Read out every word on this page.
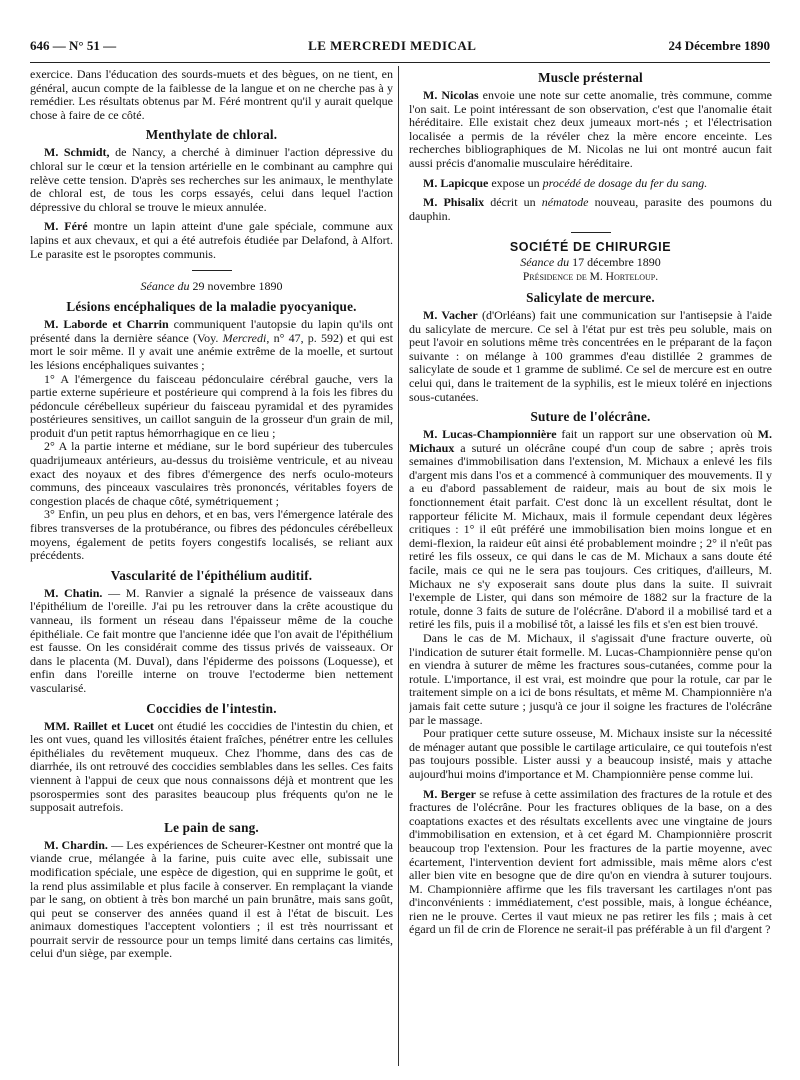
646 — N° 51 —	LE MERCREDI MEDICAL	24 Décembre 1890

exercice. Dans l'éducation des sourds-muets et des bègues, on ne tient, en général, aucun compte de la faiblesse de la langue et on ne cherche pas à y remédier. Les résultats obtenus par M. Féré montrent qu'il y aurait quelque chose à faire de ce côté.

Menthylate de chloral.

M. Schmidt, de Nancy, a cherché à diminuer l'action dépressive du chloral sur le cœur et la tension artérielle en le combinant au camphre qui relève cette tension. D'après ses recherches sur les animaux, le menthylate de chloral est, de tous les corps essayés, celui dans lequel l'action dépressive du chloral se trouve le mieux annulée.

M. Féré montre un lapin atteint d'une gale spéciale, commune aux lapins et aux chevaux, et qui a été autrefois étudiée par Delafond, à Alfort. Le parasite est le psoroptes communis.

Séance du 29 novembre 1890

Lésions encéphaliques de la maladie pyocyanique.

M. Laborde et Charrin communiquent l'autopsie du lapin qu'ils ont présenté dans la dernière séance (Voy. Mercredi, n° 47, p. 592) et qui est mort le soir même. Il y avait une anémie extrême de la moelle, et surtout les lésions encéphaliques suivantes ;

1° A l'émergence du faisceau pédonculaire cérébral gauche, vers la partie externe supérieure et postérieure qui comprend à la fois les fibres du pédoncule cérébelleux supérieur du faisceau pyramidal et des pyramides postérieures sensitives, un caillot sanguin de la grosseur d'un grain de mil, produit d'un petit raptus hémorrhagique en ce lieu ;

2° A la partie interne et médiane, sur le bord supérieur des tubercules quadrijumeaux antérieurs, au-dessus du troisième ventricule, et au niveau exact des noyaux et des fibres d'émergence des nerfs oculo-moteurs communs, des pinceaux vasculaires très prononcés, véritables foyers de congestion placés de chaque côté, symétriquement ;

3° Enfin, un peu plus en dehors, et en bas, vers l'émergence latérale des fibres transverses de la protubérance, ou fibres des pédoncules cérébelleux moyens, également de petits foyers congestifs localisés, se reliant aux précédents.

Vascularité de l'épithélium auditif.

M. Chatin. — M. Ranvier a signalé la présence de vaisseaux dans l'épithélium de l'oreille. J'ai pu les retrouver dans la crête acoustique du vanneau, ils forment un réseau dans l'épaisseur même de la couche épithéliale. Ce fait montre que l'ancienne idée que l'on avait de l'épithélium est fausse. On les considérait comme des tissus privés de vaisseaux. Or dans le placenta (M. Duval), dans l'épiderme des poissons (Loquesse), et enfin dans l'oreille interne on trouve l'ectoderme bien nettement vascularisé.

Coccidies de l'intestin.

MM. Raillet et Lucet ont étudié les coccidies de l'intestin du chien, et les ont vues, quand les villosités étaient fraîches, pénétrer entre les cellules épithéliales du revêtement muqueux. Chez l'homme, dans des cas de diarrhée, ils ont retrouvé des coccidies semblables dans les selles. Ces faits viennent à l'appui de ceux que nous connaissons déjà et montrent que les psorospermies sont des parasites beaucoup plus fréquents qu'on ne le supposait autrefois.

Le pain de sang.

M. Chardin. — Les expériences de Scheurer-Kestner ont montré que la viande crue, mélangée à la farine, puis cuite avec elle, subissait une modification spéciale, une espèce de digestion, qui en supprime le goût, et la rend plus assimilable et plus facile à conserver. En remplaçant la viande par le sang, on obtient à très bon marché un pain brunâtre, mais sans goût, qui peut se conserver des années quand il est à l'état de biscuit. Les animaux domestiques l'acceptent volontiers ; il est très nourrissant et pourrait servir de ressource pour un temps limité dans certains cas limités, celui d'un siège, par exemple.

Muscle présternal

M. Nicolas envoie une note sur cette anomalie, très commune, comme l'on sait. Le point intéressant de son observation, c'est que l'anomalie était héréditaire. Elle existait chez deux jumeaux mort-nés ; et l'électrisation localisée a permis de la révéler chez la mère encore enceinte. Les recherches bibliographiques de M. Nicolas ne lui ont montré aucun fait aussi précis d'anomalie musculaire héréditaire.

M. Lapicque expose un procédé de dosage du fer du sang.

M. Phisalix décrit un nématode nouveau, parasite des poumons du dauphin.

SOCIÉTÉ DE CHIRURGIE

Séance du 17 décembre 1890

Présidence de M. Horteloup.

Salicylate de mercure.

M. Vacher (d'Orléans) fait une communication sur l'antisepsie à l'aide du salicylate de mercure. Ce sel à l'état pur est très peu soluble, mais on peut l'avoir en solutions même très concentrées en le préparant de la façon suivante : on mélange à 100 grammes d'eau distillée 2 grammes de salicylate de soude et 1 gramme de sublimé. Ce sel de mercure est en outre celui qui, dans le traitement de la syphilis, est le mieux toléré en injections sous-cutanées.

Suture de l'olécrâne.

M. Lucas-Championnière fait un rapport sur une observation où M. Michaux a suturé un olécrâne coupé d'un coup de sabre ; après trois semaines d'immobilisation dans l'extension, M. Michaux a enlevé les fils d'argent mis dans l'os et a commencé à communiquer des mouvements. Il y a eu d'abord passablement de raideur, mais au bout de six mois le fonctionnement était parfait. C'est donc là un excellent résultat, dont le rapporteur félicite M. Michaux, mais il formule cependant deux légères critiques : 1° il eût préféré une immobilisation bien moins longue et en demi-flexion, la raideur eût ainsi été probablement moindre ; 2° il n'eût pas retiré les fils osseux, ce qui dans le cas de M. Michaux a sans doute été facile, mais ce qui ne le sera pas toujours. Ces critiques, d'ailleurs, M. Michaux ne s'y exposerait sans doute plus dans la suite. Il suivrait l'exemple de Lister, qui dans son mémoire de 1882 sur la fracture de la rotule, donne 3 faits de suture de l'olécrâne. D'abord il a mobilisé tard et a retiré les fils, puis il a mobilisé tôt, a laissé les fils et s'en est bien trouvé.

Dans le cas de M. Michaux, il s'agissait d'une fracture ouverte, où l'indication de suturer était formelle. M. Lucas-Championnière pense qu'on en viendra à suturer de même les fractures sous-cutanées, comme pour la rotule. L'importance, il est vrai, est moindre que pour la rotule, car par le traitement simple on a ici de bons résultats, et même M. Championnière n'a jamais fait cette suture ; jusqu'à ce jour il soigne les fractures de l'olécrâne par le massage.

Pour pratiquer cette suture osseuse, M. Michaux insiste sur la nécessité de ménager autant que possible le cartilage articulaire, ce qui toutefois n'est pas toujours possible. Lister aussi y a beaucoup insisté, mais y attache aujourd'hui moins d'importance et M. Championnière pense comme lui.

M. Berger se refuse à cette assimilation des fractures de la rotule et des fractures de l'olécrâne. Pour les fractures obliques de la base, on a des coaptations exactes et des résultats excellents avec une vingtaine de jours d'immobilisation en extension, et à cet égard M. Championnière proscrit beaucoup trop l'extension. Pour les fractures de la partie moyenne, avec écartement, l'intervention devient fort admissible, mais même alors c'est aller bien vite en besogne que de dire qu'on en viendra à suturer toujours. M. Championnière affirme que les fils traversant les cartilages n'ont pas d'inconvénients : immédiatement, c'est possible, mais, à longue échéance, rien ne le prouve. Certes il vaut mieux ne pas retirer les fils ; mais à cet égard un fil de crin de Florence ne serait-il pas préférable à un fil d'argent ?
